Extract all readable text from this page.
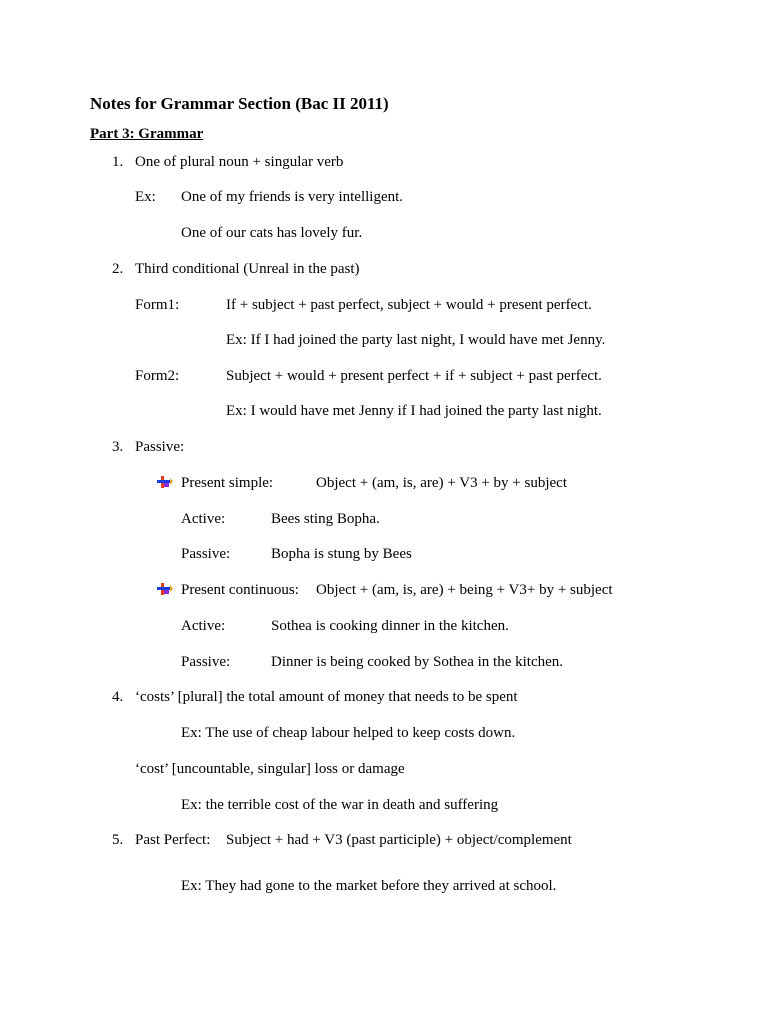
Notes for Grammar Section (Bac II 2011)
Part 3: Grammar
1. One of plural noun + singular verb
Ex: One of my friends is very intelligent.
One of our cats has lovely fur.
2. Third conditional (Unreal in the past)
Form1:	If + subject + past perfect, subject + would + present perfect.
Ex: If I had joined the party last night, I would have met Jenny.
Form2:	Subject + would + present perfect + if + subject + past perfect.
Ex: I would have met Jenny if I had joined the party last night.
3. Passive:
Present simple:	Object + (am, is, are) + V3 + by + subject
Active:	Bees sting Bopha.
Passive:	Bopha is stung by Bees
Present continuous: Object + (am, is, are) + being + V3+ by + subject
Active:	Sothea is cooking dinner in the kitchen.
Passive:	Dinner is being cooked by Sothea in the kitchen.
4. ‘costs’ [plural] the total amount of money that needs to be spent
Ex: The use of cheap labour helped to keep costs down.
‘cost’ [uncountable, singular] loss or damage
Ex: the terrible cost of the war in death and suffering
5. Past Perfect: Subject + had + V3 (past participle) + object/complement
Ex: They had gone to the market before they arrived at school.
